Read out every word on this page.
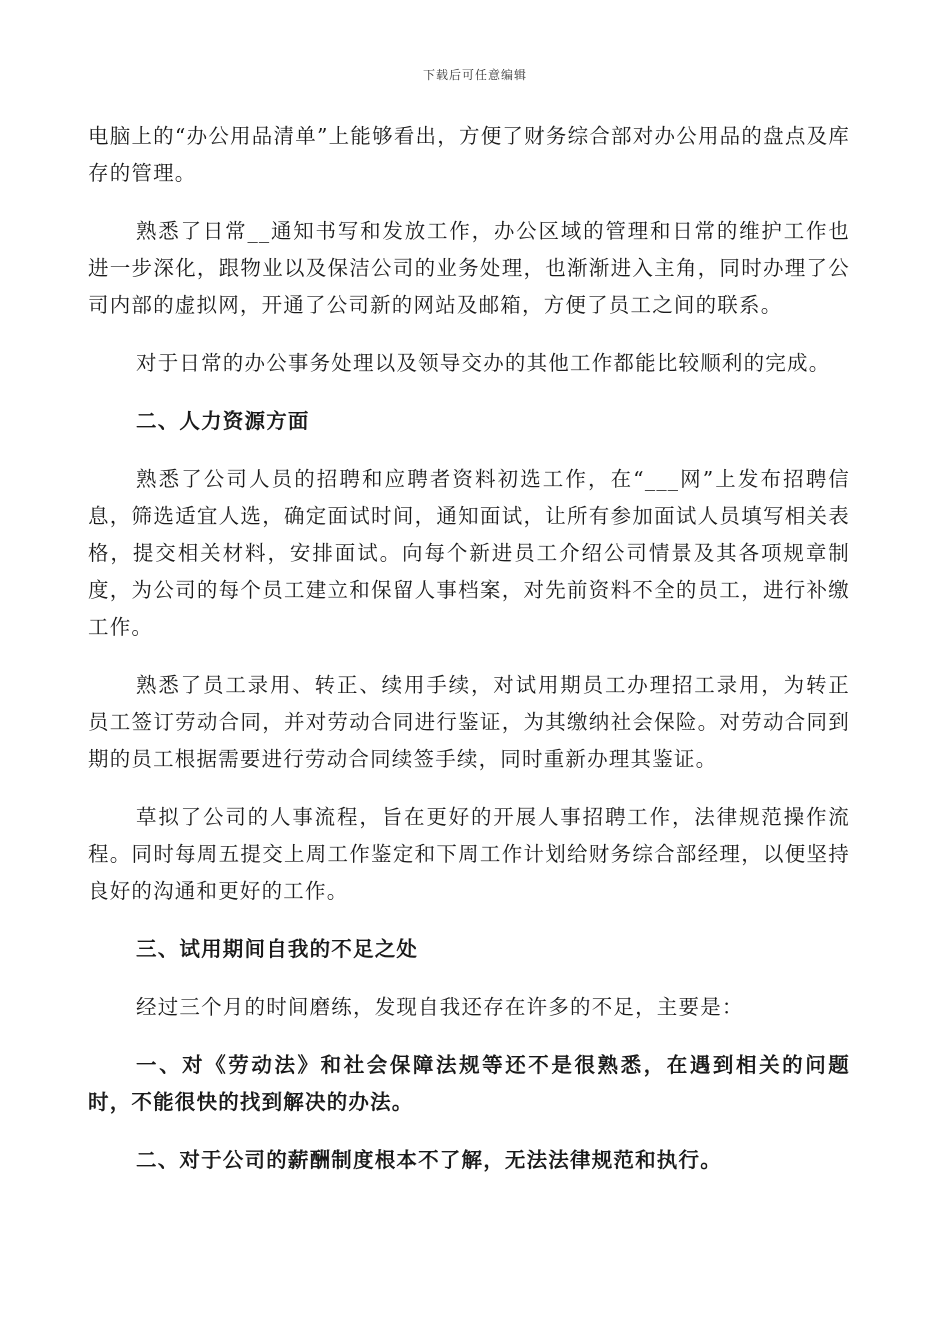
下载后可任意编辑

电脑上的“办公用品清单”上能够看出，方便了财务综合部对办公用品的盘点及库存的管理。

熟悉了日常__通知书写和发放工作，办公区域的管理和日常的维护工作也进一步深化，跟物业以及保洁公司的业务处理，也渐渐进入主角，同时办理了公司内部的虚拟网，开通了公司新的网站及邮箱，方便了员工之间的联系。

对于日常的办公事务处理以及领导交办的其他工作都能比较顺利的完成。

二、人力资源方面

熟悉了公司人员的招聘和应聘者资料初选工作，在“___网”上发布招聘信息，筛选适宜人选，确定面试时间，通知面试，让所有参加面试人员填写相关表格，提交相关材料，安排面试。向每个新进员工介绍公司情景及其各项规章制度，为公司的每个员工建立和保留人事档案，对先前资料不全的员工，进行补缴工作。

熟悉了员工录用、转正、续用手续，对试用期员工办理招工录用，为转正员工签订劳动合同，并对劳动合同进行鉴证，为其缴纳社会保险。对劳动合同到期的员工根据需要进行劳动合同续签手续，同时重新办理其鉴证。

草拟了公司的人事流程，旨在更好的开展人事招聘工作，法律规范操作流程。同时每周五提交上周工作鉴定和下周工作计划给财务综合部经理，以便坚持良好的沟通和更好的工作。

三、试用期间自我的不足之处

经过三个月的时间磨练，发现自我还存在许多的不足，主要是：

一、对《劳动法》和社会保障法规等还不是很熟悉，在遇到相关的问题时，不能很快的找到解决的办法。

二、对于公司的薪酬制度根本不了解，无法法律规范和执行。
